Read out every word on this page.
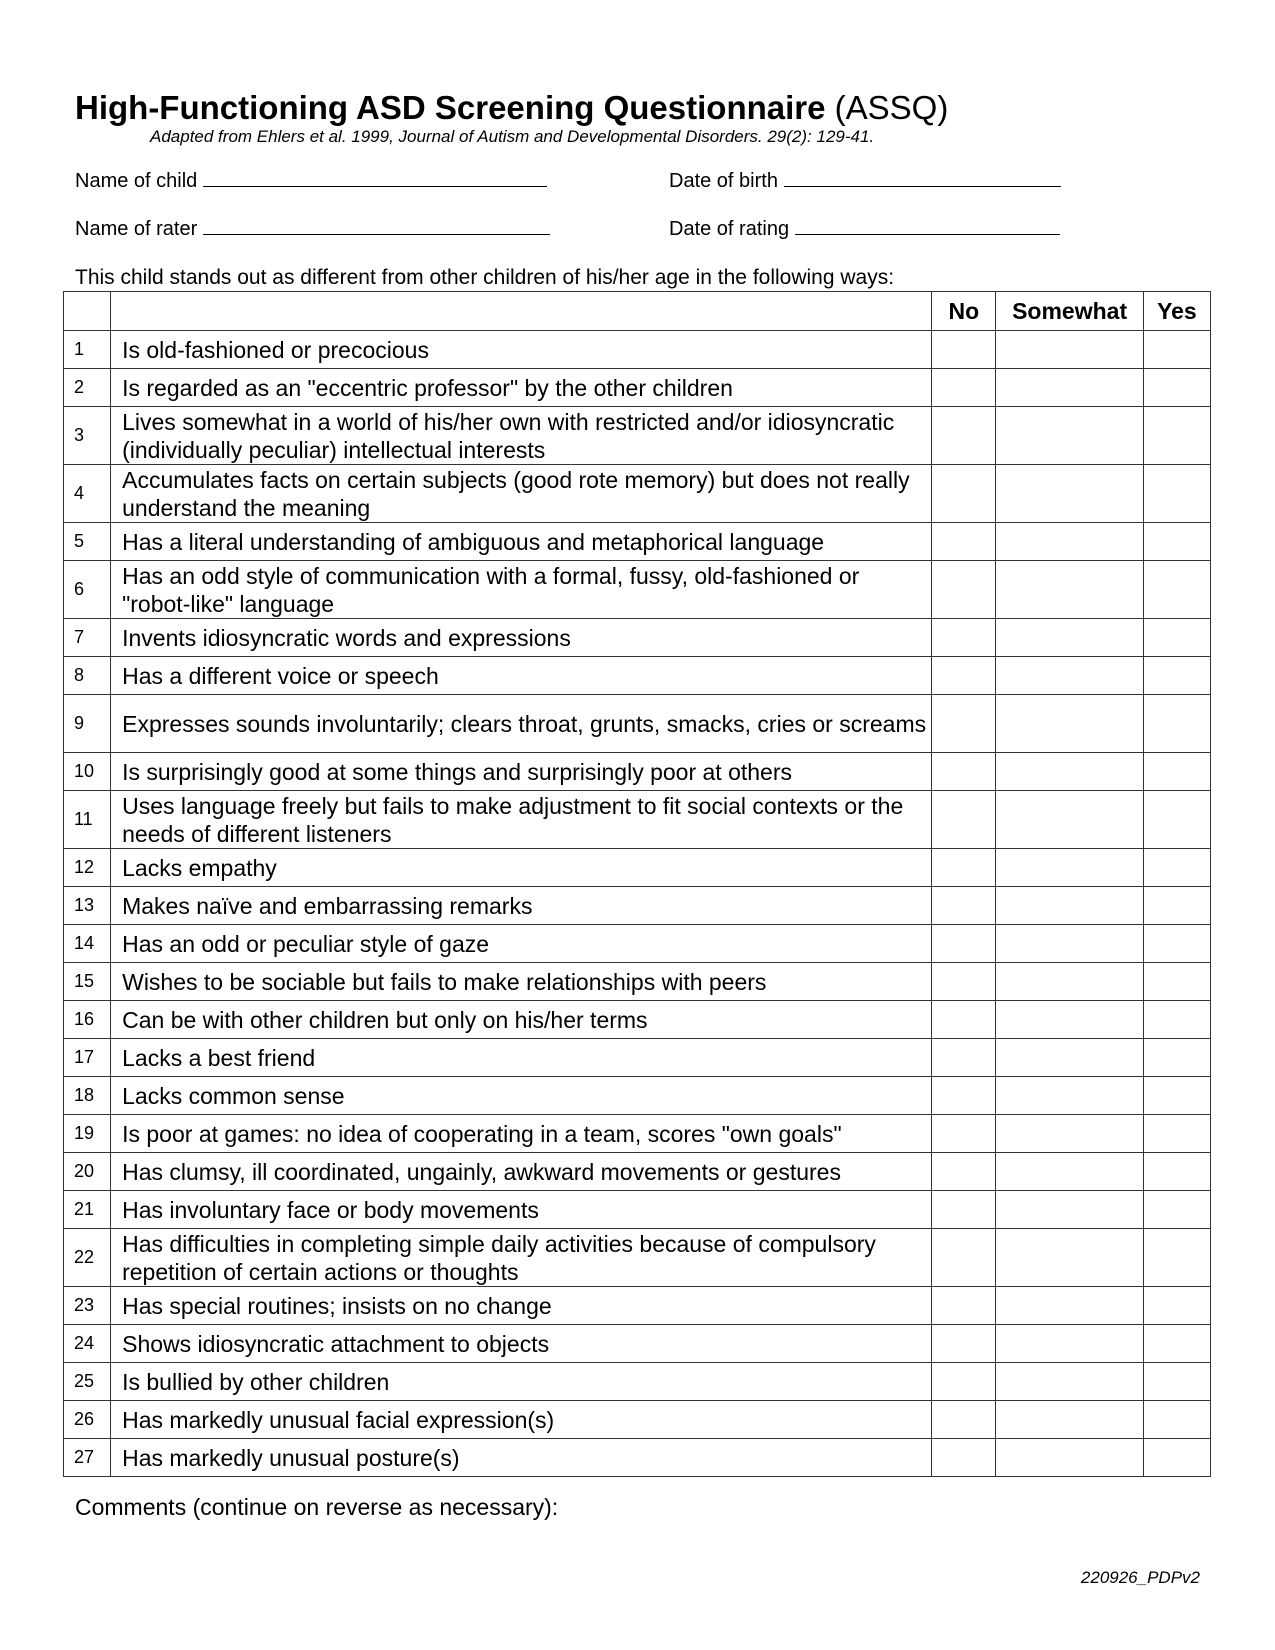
High-Functioning ASD Screening Questionnaire (ASSQ)
Adapted from Ehlers et al. 1999, Journal of Autism and Developmental Disorders. 29(2): 129-41.
Name of child	Date of birth
Name of rater	Date of rating
This child stands out as different from other children of his/her age in the following ways:
		No	Somewhat	Yes
1	Is old-fashioned or precocious			
2	Is regarded as an "eccentric professor" by the other children			
3	Lives somewhat in a world of his/her own with restricted and/or idiosyncratic (individually peculiar) intellectual interests			
4	Accumulates facts on certain subjects (good rote memory) but does not really understand the meaning			
5	Has a literal understanding of ambiguous and metaphorical language			
6	Has an odd style of communication with a formal, fussy, old-fashioned or "robot-like" language			
7	Invents idiosyncratic words and expressions			
8	Has a different voice or speech			
9	Expresses sounds involuntarily; clears throat, grunts, smacks, cries or screams			
10	Is surprisingly good at some things and surprisingly poor at others			
11	Uses language freely but fails to make adjustment to fit social contexts or the needs of different listeners			
12	Lacks empathy			
13	Makes naïve and embarrassing remarks			
14	Has an odd or peculiar style of gaze			
15	Wishes to be sociable but fails to make relationships with peers			
16	Can be with other children but only on his/her terms			
17	Lacks a best friend			
18	Lacks common sense			
19	Is poor at games: no idea of cooperating in a team, scores "own goals"			
20	Has clumsy, ill coordinated, ungainly, awkward movements or gestures			
21	Has involuntary face or body movements			
22	Has difficulties in completing simple daily activities because of compulsory repetition of certain actions or thoughts			
23	Has special routines; insists on no change			
24	Shows idiosyncratic attachment to objects			
25	Is bullied by other children			
26	Has markedly unusual facial expression(s)			
27	Has markedly unusual posture(s)			
Comments (continue on reverse as necessary):
220926_PDPv2
